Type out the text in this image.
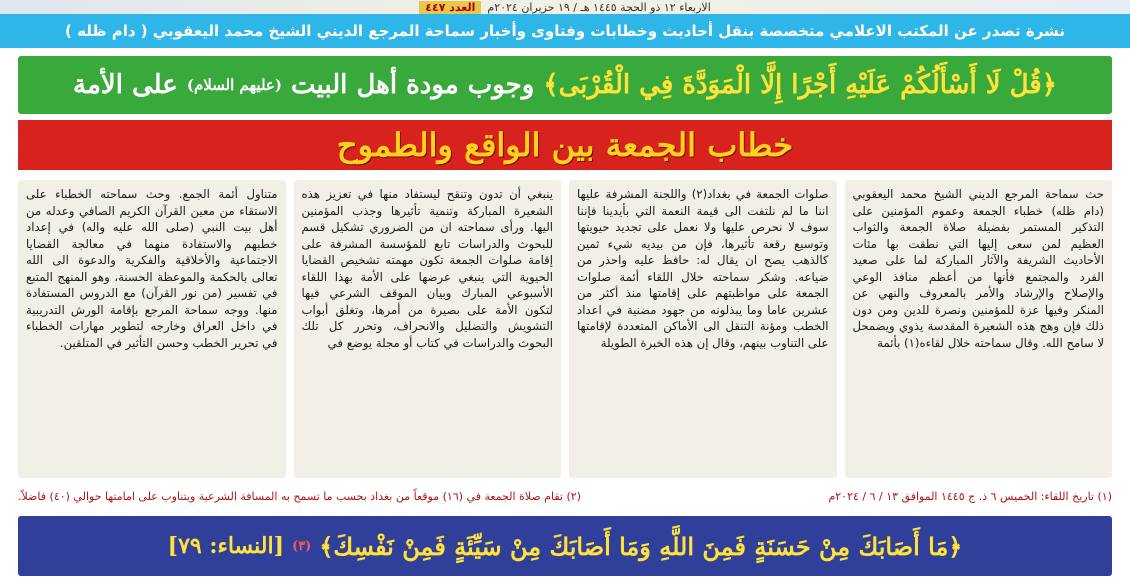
الاربعاء ١٢ ذو الحجة ١٤٤٥ هـ / ١٩ حزيران ٢٠٢٤م
العدد ٤٤٧
نشرة تصدر عن المكتب الاعلامي متخصصة بنقل أحاديث وخطابات وفتاوى وأخبار سماحة المرجع الديني الشيخ محمد اليعقوبي ( دام ظله )
﴿قُلْ لَا أَسْأَلُكُمْ عَلَيْهِ أَجْرًا إِلَّا الْمَوَدَّةَ فِي الْقُرْبَى﴾

وجوب مودة أهل البيت

(عليهم السلام)

على الأمة
خطاب الجمعة بين الواقع والطموح

حث سماحة المرجع الديني الشيخ محمد اليعقوبي (دام ظله) خطباء الجمعة وعموم المؤمنين على التذكير المستمر بفضيلة صلاة الجمعة والثواب العظيم لمن سعى إليها التي نطقت بها مئات الأحاديث الشريفة والآثار المباركة لما على صعيد الفرد والمجتمع فأنها من أعظم منافذ الوعي والإصلاح والإرشاد والأمر بالمعروف والنهي عن المنكر وفيها عزة للمؤمنين ونصرة للدين ومن دون ذلك فإن وهج هذه الشعيرة المقدسة يذوي ويضمحل لا سامح الله. وقال سماحته خلال لقاءه(١) بأئمة

صلوات الجمعة في بغداد(٢) واللجنة المشرفة عليها اننا ما لم نلتفت الى قيمة النعمة التي بأيدينا فإننا سوف لا نحرص عليها ولا نعمل على تجديد حيويتها وتوسيع رقعة تأثيرها، فإن من بيديه شيء ثمين كالذهب يصح ان يقال له: حافظ عليه واحذر من ضياعه. وشكر سماحته خلال اللقاء أئمة صلوات الجمعة على مواظبتهم على إقامتها منذ أكثر من عشرين عاما وما يبذلونه من جهود مضنية في اعداد الخطب ومؤنة التنقل الى الأماكن المتعددة لإقامتها على التناوب بينهم، وقال إن هذه الخبرة الطويلة

ينبغي أن تدون وتنقح ليستفاد منها في تعزيز هذه الشعيرة المباركة وتنمية تأثيرها وجذب المؤمنين اليها. ورأى سماحته ان من الضروري تشكيل قسم للبحوث والدراسات تابع للمؤسسة المشرفة على إقامة صلوات الجمعة تكون مهمته تشخيص القضايا الحيوية التي ينبغي عرضها على الأمة بهذا اللقاء الأسبوعي المبارك وبيان الموقف الشرعي فيها لتكون الأمة على بصيرة من أمرها، وتغلق أبواب التشويش والتضليل والانحراف، وتحرر كل تلك البحوث والدراسات في كتاب أو مجلة يوضع في

متناول أئمة الجمع. وحث سماحته الخطباء على الاستقاء من معين القرآن الكريم الصافي وعدله من أهل بيت النبي (صلى الله عليه واله) في إعداد خطبهم والاستفادة منهما في معالجة القضايا الاجتماعية والأخلاقية والفكرية والدعوة الى الله تعالى بالحكمة والموعظة الحسنة، وهو المنهج المتبع في تفسير (من نور القرآن) مع الدروس المستفادة منها. ووجه سماحة المرجع بإقامة الورش التدريبية في داخل العراق وخارجه لتطوير مهارات الخطباء في تحرير الخطب وحسن التأثير في المتلقين.

(١) تاريخ اللقاء: الخميس ٦ ذ. ج ١٤٤٥ الموافق ١٣ / ٦ / ٢٠٢٤م
(٢) تقام صلاة الجمعة في (١٦) موقعاً من بغداد بحسب ما تسمح به المسافة الشرعية ويتناوب على امامتها حوالي (٤٠) فاضلاً.
﴿مَا أَصَابَكَ مِنْ حَسَنَةٍ فَمِنَ اللَّهِ وَمَا أَصَابَكَ مِنْ سَيِّئَةٍ فَمِنْ نَفْسِكَ﴾
(٣)
[النساء: ٧٩]
